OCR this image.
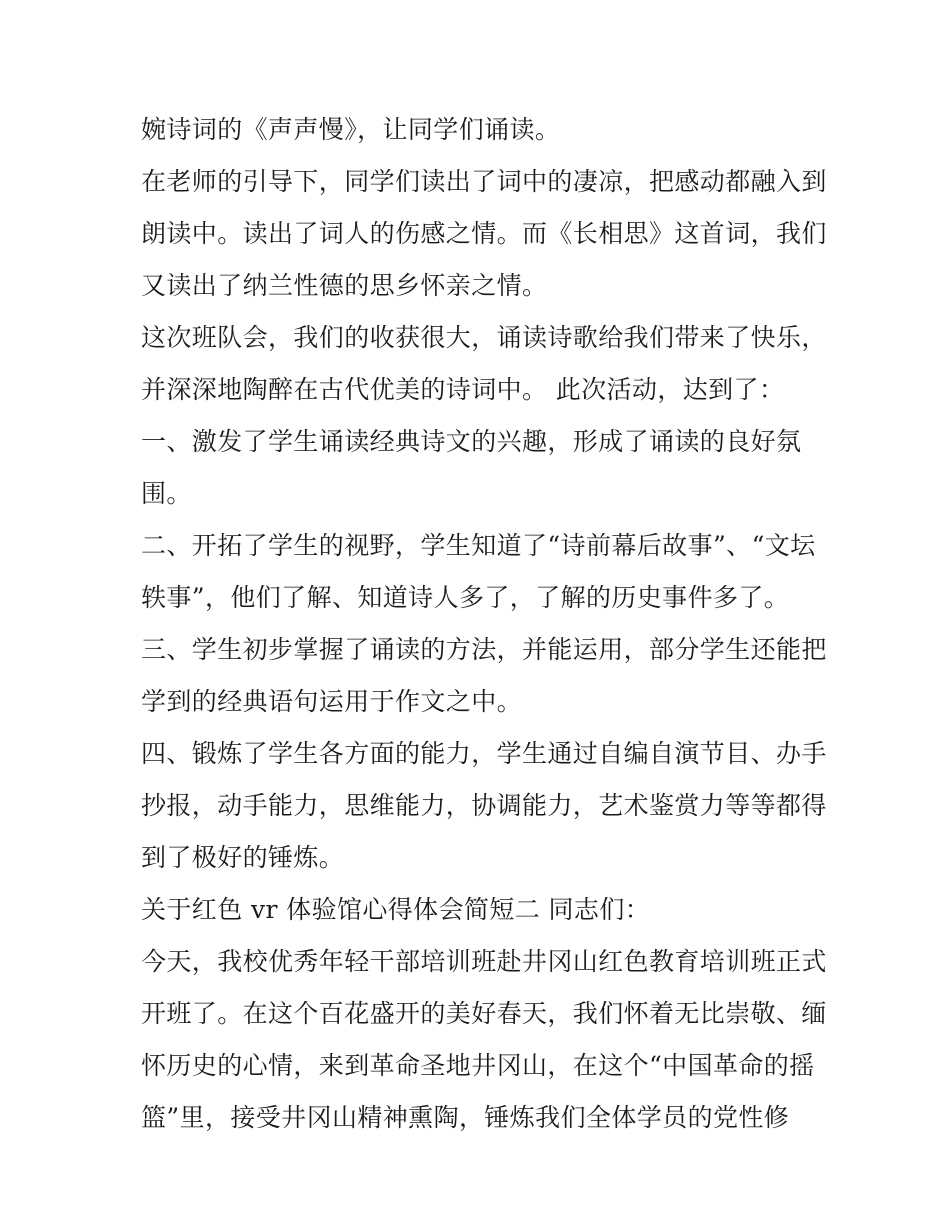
婉诗词的《声声慢》，让同学们诵读。
在老师的引导下，同学们读出了词中的凄凉，把感动都融入到
朗读中。读出了词人的伤感之情。而《长相思》这首词，我们
又读出了纳兰性德的思乡怀亲之情。
这次班队会，我们的收获很大，诵读诗歌给我们带来了快乐，
并深深地陶醉在古代优美的诗词中。 此次活动，达到了：
一、激发了学生诵读经典诗文的兴趣，形成了诵读的良好氛
围。
二、开拓了学生的视野，学生知道了“诗前幕后故事”、“文坛
轶事”，他们了解、知道诗人多了，了解的历史事件多了。
三、学生初步掌握了诵读的方法，并能运用，部分学生还能把
学到的经典语句运用于作文之中。
四、锻炼了学生各方面的能力，学生通过自编自演节目、办手
抄报，动手能力，思维能力，协调能力，艺术鉴赏力等等都得
到了极好的锤炼。
关于红色 vr 体验馆心得体会简短二 同志们：
今天，我校优秀年轻干部培训班赴井冈山红色教育培训班正式
开班了。在这个百花盛开的美好春天，我们怀着无比崇敬、缅
怀历史的心情，来到革命圣地井冈山，在这个“中国革命的摇
篮”里，接受井冈山精神熏陶，锤炼我们全体学员的党性修
